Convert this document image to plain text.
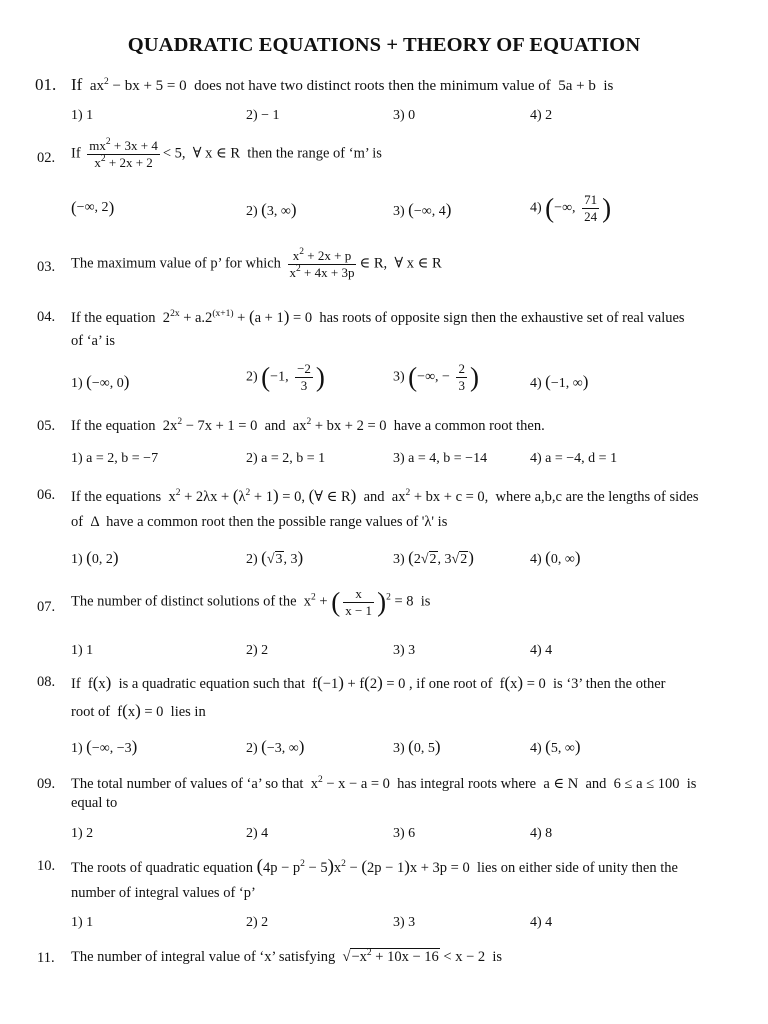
QUADRATIC EQUATIONS + THEORY OF EQUATION
01. If  $ax^2$ − bx + 5 = 0  does not have two distinct roots then the minimum value of  5a + b  is
1) 1	2) − 1	3) 0	4) 2
02. If $\frac{mx^2 + 3x + 4}{x^2 + 2x + 2} < 5$,  ∀ x ∈ R  then the range of ‘m’ is
(−∞, 2)	2) (3, ∞)	3) (−∞, 4)	4) (−∞, $\frac{71}{24}$ )
03. The maximum value of p’ for which $\frac{x^2 + 2x + p}{x^2 + 4x + 3p}$ ∈ R,  ∀ x ∈ R
04. If the equation  $2^{2x} + a.2^{(x+1)} + (a + 1) = 0$  has roots of opposite sign then the exhaustive set of real values
of ‘a’ is
1) (−∞, 0)	2) (−1, $\frac{-2}{3}$ )	3) (−∞, − $\frac{2}{3}$ )	4) (−1, ∞)
05. If the equation  $2x^2 - 7x + 1 = 0$  and  $ax^2$ + bx + 2 = 0  have a common root then.
1) a = 2, b = −7	2) a = 2, b = 1	3) a = 4, b = −14	4) a = −4, d = 1
06. If the equations  $x^2 + 2\lambda x + (\lambda^2 + 1) = 0$, (∀ ∈ R)  and  $ax^2$ + bx + c = 0,  where a,b,c are the lengths of sides
of  Δ  have a common root then the possible range values of 'λ' is
1) (0, 2)	2) (√3, 3)	3) (2√2, 3√2)	4) (0, ∞)
07. The number of distinct solutions of the  $x^2$ + ( $\frac{x}{x - 1} )^2 = 8$  is
1) 1	2) 2	3) 3	4) 4
08. If  f(x)  is a quadratic equation such that  f(−1) + f(2) = 0 , if one root of  f(x) = 0  is ‘3’ then the other
root of  f(x) = 0  lies in
1) (−∞, −3)	2) (−3, ∞)	3) (0, 5)	4) (5, ∞)
09. The total number of values of ‘a’ so that  $x^2 - x - a = 0$  has integral roots where  a ∈ N  and  6 ≤ a ≤ 100  is
equal to
1) 2	2) 4	3) 6	4) 8
10. The roots of quadratic equation $(4p - p^2 - 5)x^2 - (2p - 1)x + 3p = 0$  lies on either side of unity then the
number of integral values of ‘p’
1) 1	2) 2	3) 3	4) 4
11. The number of integral value of ‘x’ satisfying  $√-x^2 + 10x - 16 < x - 2$  is
